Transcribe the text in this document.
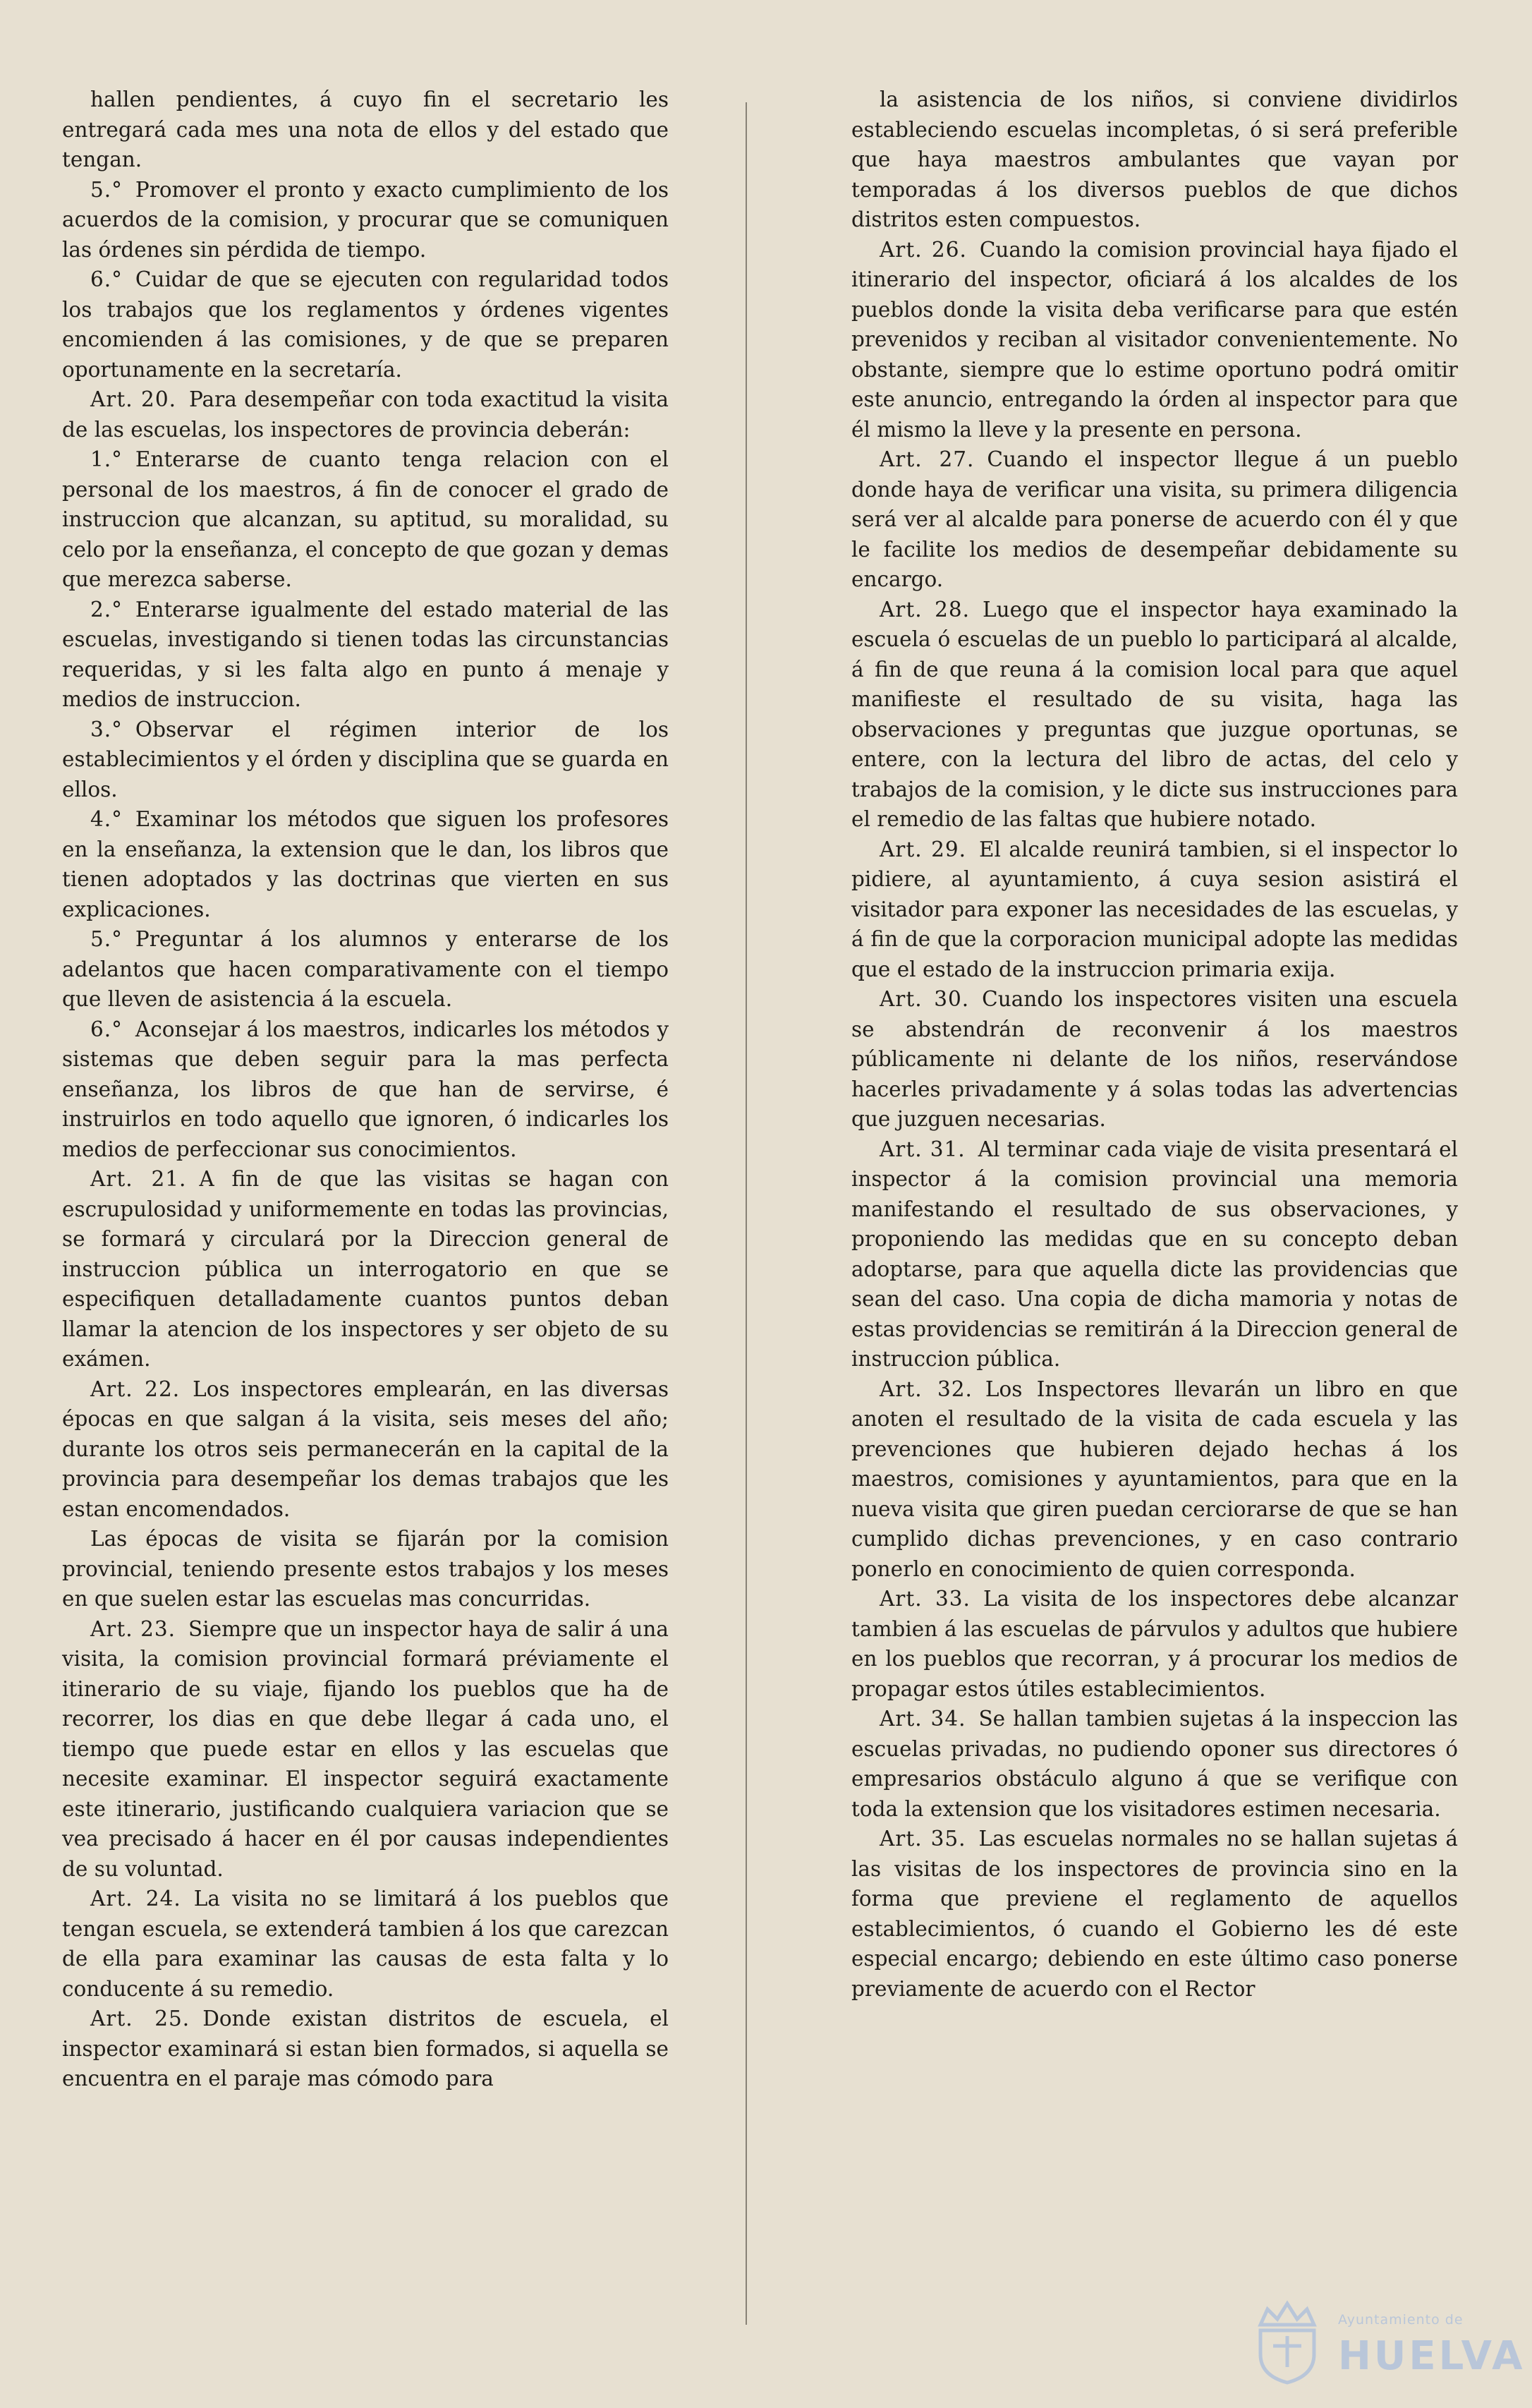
hallen pendientes, á cuyo fin el secretario les entregará cada mes una nota de ellos y del estado que tengan.

5.° Promover el pronto y exacto cumplimiento de los acuerdos de la comision, y procurar que se comuniquen las órdenes sin pérdida de tiempo.

6.° Cuidar de que se ejecuten con regularidad todos los trabajos que los reglamentos y órdenes vigentes encomienden á las comisiones, y de que se preparen oportunamente en la secretaría.

Art. 20. Para desempeñar con toda exactitud la visita de las escuelas, los inspectores de provincia deberán:

1.° Enterarse de cuanto tenga relacion con el personal de los maestros, á fin de conocer el grado de instruccion que alcanzan, su aptitud, su moralidad, su celo por la enseñanza, el concepto de que gozan y demas que merezca saberse.

2.° Enterarse igualmente del estado material de las escuelas, investigando si tienen todas las circunstancias requeridas, y si les falta algo en punto á menaje y medios de instruccion.

3.° Observar el régimen interior de los establecimientos y el órden y disciplina que se guarda en ellos.

4.° Examinar los métodos que siguen los profesores en la enseñanza, la extension que le dan, los libros que tienen adoptados y las doctrinas que vierten en sus explicaciones.

5.° Preguntar á los alumnos y enterarse de los adelantos que hacen comparativamente con el tiempo que lleven de asistencia á la escuela.

6.° Aconsejar á los maestros, indicarles los métodos y sistemas que deben seguir para la mas perfecta enseñanza, los libros de que han de servirse, é instruirlos en todo aquello que ignoren, ó indicarles los medios de perfeccionar sus conocimientos.

Art. 21. A fin de que las visitas se hagan con escrupulosidad y uniformemente en todas las provincias, se formará y circulará por la Direccion general de instruccion pública un interrogatorio en que se especifiquen detalladamente cuantos puntos deban llamar la atencion de los inspectores y ser objeto de su exámen.

Art. 22. Los inspectores emplearán, en las diversas épocas en que salgan á la visita, seis meses del año; durante los otros seis permanecerán en la capital de la provincia para desempeñar los demas trabajos que les estan encomendados.

Las épocas de visita se fijarán por la comision provincial, teniendo presente estos trabajos y los meses en que suelen estar las escuelas mas concurridas.

Art. 23. Siempre que un inspector haya de salir á una visita, la comision provincial formará préviamente el itinerario de su viaje, fijando los pueblos que ha de recorrer, los dias en que debe llegar á cada uno, el tiempo que puede estar en ellos y las escuelas que necesite examinar. El inspector seguirá exactamente este itinerario, justificando cualquiera variacion que se vea precisado á hacer en él por causas independientes de su voluntad.

Art. 24. La visita no se limitará á los pueblos que tengan escuela, se extenderá tambien á los que carezcan de ella para examinar las causas de esta falta y lo conducente á su remedio.

Art. 25. Donde existan distritos de escuela, el inspector examinará si estan bien formados, si aquella se encuentra en el paraje mas cómodo para

la asistencia de los niños, si conviene dividirlos estableciendo escuelas incompletas, ó si será preferible que haya maestros ambulantes que vayan por temporadas á los diversos pueblos de que dichos distritos esten compuestos.

Art. 26. Cuando la comision provincial haya fijado el itinerario del inspector, oficiará á los alcaldes de los pueblos donde la visita deba verificarse para que estén prevenidos y reciban al visitador convenientemente. No obstante, siempre que lo estime oportuno podrá omitir este anuncio, entregando la órden al inspector para que él mismo la lleve y la presente en persona.

Art. 27. Cuando el inspector llegue á un pueblo donde haya de verificar una visita, su primera diligencia será ver al alcalde para ponerse de acuerdo con él y que le facilite los medios de desempeñar debidamente su encargo.

Art. 28. Luego que el inspector haya examinado la escuela ó escuelas de un pueblo lo participará al alcalde, á fin de que reuna á la comision local para que aquel manifieste el resultado de su visita, haga las observaciones y preguntas que juzgue oportunas, se entere, con la lectura del libro de actas, del celo y trabajos de la comision, y le dicte sus instrucciones para el remedio de las faltas que hubiere notado.

Art. 29. El alcalde reunirá tambien, si el inspector lo pidiere, al ayuntamiento, á cuya sesion asistirá el visitador para exponer las necesidades de las escuelas, y á fin de que la corporacion municipal adopte las medidas que el estado de la instruccion primaria exija.

Art. 30. Cuando los inspectores visiten una escuela se abstendrán de reconvenir á los maestros públicamente ni delante de los niños, reservándose hacerles privadamente y á solas todas las advertencias que juzguen necesarias.

Art. 31. Al terminar cada viaje de visita presentará el inspector á la comision provincial una memoria manifestando el resultado de sus observaciones, y proponiendo las medidas que en su concepto deban adoptarse, para que aquella dicte las providencias que sean del caso. Una copia de dicha mamoria y notas de estas providencias se remitirán á la Direccion general de instruccion pública.

Art. 32. Los Inspectores llevarán un libro en que anoten el resultado de la visita de cada escuela y las prevenciones que hubieren dejado hechas á los maestros, comisiones y ayuntamientos, para que en la nueva visita que giren puedan cerciorarse de que se han cumplido dichas prevenciones, y en caso contrario ponerlo en conocimiento de quien corresponda.

Art. 33. La visita de los inspectores debe alcanzar tambien á las escuelas de párvulos y adultos que hubiere en los pueblos que recorran, y á procurar los medios de propagar estos útiles establecimientos.

Art. 34. Se hallan tambien sujetas á la inspeccion las escuelas privadas, no pudiendo oponer sus directores ó empresarios obstáculo alguno á que se verifique con toda la extension que los visitadores estimen necesaria.

Art. 35. Las escuelas normales no se hallan sujetas á las visitas de los inspectores de provincia sino en la forma que previene el reglamento de aquellos establecimientos, ó cuando el Gobierno les dé este especial encargo; debiendo en este último caso ponerse previamente de acuerdo con el Rector

Ayuntamiento de
HUELVA
